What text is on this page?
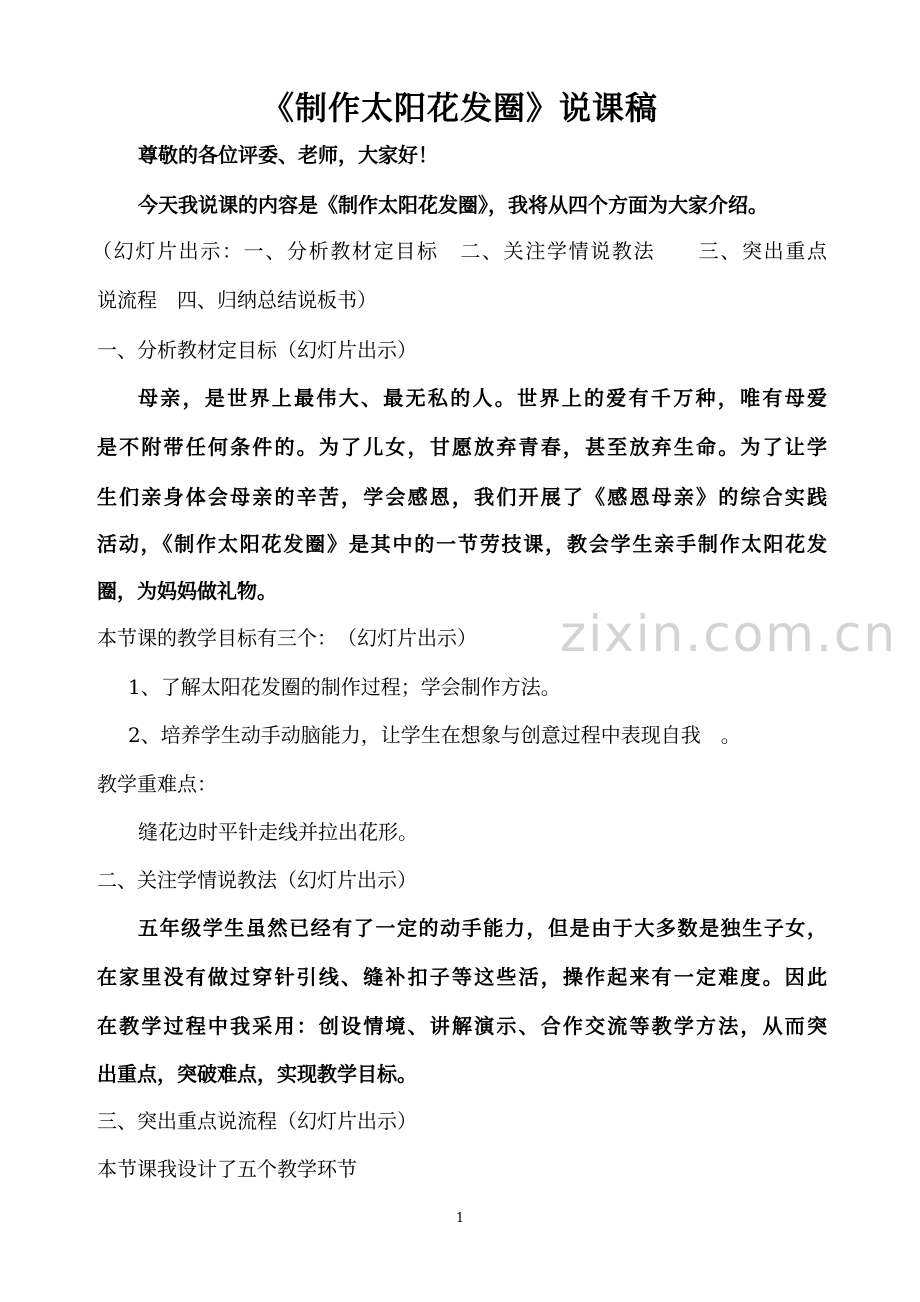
《制作太阳花发圈》说课稿
尊敬的各位评委、老师，大家好！
今天我说课的内容是《制作太阳花发圈》，我将从四个方面为大家介绍。
（幻灯片出示：一、分析教材定目标　二、关注学情说教法　　三、突出重点
说流程　四、归纳总结说板书）
一、分析教材定目标（幻灯片出示）
母亲，是世界上最伟大、最无私的人。世界上的爱有千万种，唯有母爱
是不附带任何条件的。为了儿女，甘愿放弃青春，甚至放弃生命。为了让学
生们亲身体会母亲的辛苦，学会感恩，我们开展了《感恩母亲》的综合实践
活动，《制作太阳花发圈》是其中的一节劳技课，教会学生亲手制作太阳花发
圈，为妈妈做礼物。
本节课的教学目标有三个：　（幻灯片出示）
1、了解太阳花发圈的制作过程；学会制作方法。
2、培养学生动手动脑能力，让学生在想象与创意过程中表现自我　。
教学重难点：
缝花边时平针走线并拉出花形。
二、关注学情说教法（幻灯片出示）
五年级学生虽然已经有了一定的动手能力，但是由于大多数是独生子女，
在家里没有做过穿针引线、缝补扣子等这些活，操作起来有一定难度。因此
在教学过程中我采用：创设情境、讲解演示、合作交流等教学方法，从而突
出重点，突破难点，实现教学目标。
三、突出重点说流程（幻灯片出示）
本节课我设计了五个教学环节
zixin.com.cn
1
